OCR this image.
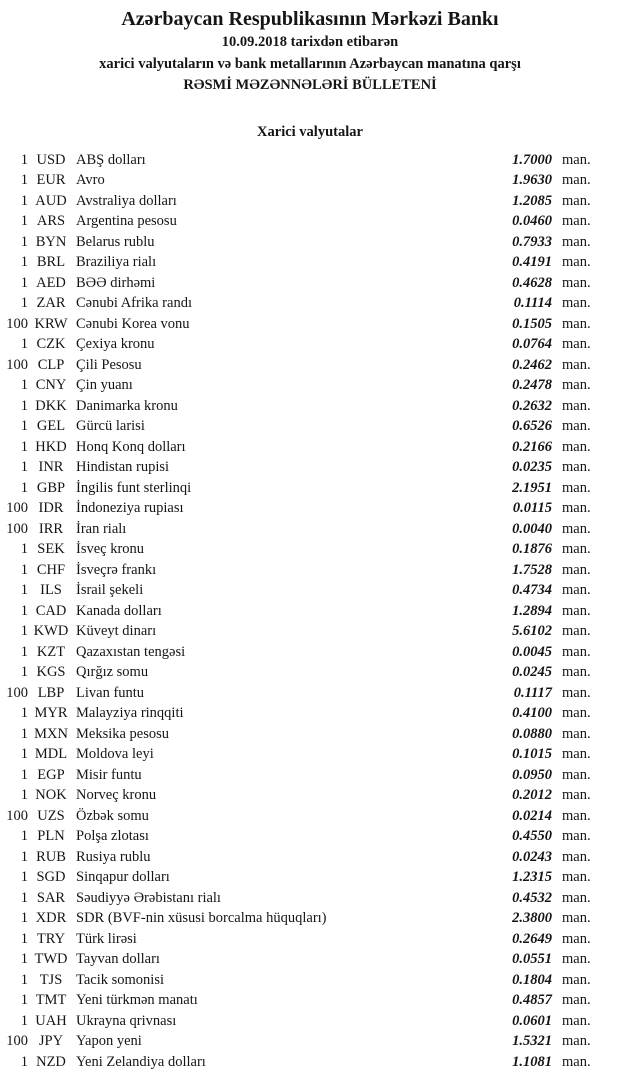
Azərbaycan Respublikasının Mərkəzi Bankı
10.09.2018 tarixdən etibarən
xarici valyutaların və bank metallarının Azərbaycan manatına qarşı
RƏSMİ MƏZƏNNƏLƏRİ BÜLLETENİ
Xarici valyutalar
1 USD ABŞ dolları	1.7000 man.
1 EUR Avro	1.9630 man.
1 AUD Avstraliya dolları	1.2085 man.
1 ARS Argentina pesosu	0.0460 man.
1 BYN Belarus rublu	0.7933 man.
1 BRL Braziliya rialı	0.4191 man.
1 AED BƏƏ dirhəmi	0.4628 man.
1 ZAR Cənubi Afrika randı	0.1114 man.
100 KRW Cənubi Korea vonu	0.1505 man.
1 CZK Çexiya kronu	0.0764 man.
100 CLP Çili Pesosu	0.2462 man.
1 CNY Çin yuanı	0.2478 man.
1 DKK Danimarka kronu	0.2632 man.
1 GEL Gürcü larisi	0.6526 man.
1 HKD Honq Konq dolları	0.2166 man.
1 INR Hindistan rupisi	0.0235 man.
1 GBP İngilis funt sterlinqi	2.1951 man.
100 IDR İndoneziya rupiası	0.0115 man.
100 IRR İran rialı	0.0040 man.
1 SEK İsveç kronu	0.1876 man.
1 CHF İsveçrə frankı	1.7528 man.
1 ILS İsrail şekeli	0.4734 man.
1 CAD Kanada dolları	1.2894 man.
1 KWD Küveyt dinarı	5.6102 man.
1 KZT Qazaxıstan tengəsi	0.0045 man.
1 KGS Qırğız somu	0.0245 man.
100 LBP Livan funtu	0.1117 man.
1 MYR Malayziya rinqqiti	0.4100 man.
1 MXN Meksika pesosu	0.0880 man.
1 MDL Moldova leyi	0.1015 man.
1 EGP Misir funtu	0.0950 man.
1 NOK Norveç kronu	0.2012 man.
100 UZS Özbək somu	0.0214 man.
1 PLN Polşa zlotası	0.4550 man.
1 RUB Rusiya rublu	0.0243 man.
1 SGD Sinqapur dolları	1.2315 man.
1 SAR Səudiyyə Ərəbistanı rialı	0.4532 man.
1 XDR SDR (BVF-nin xüsusi borcalma hüquqları)	2.3800 man.
1 TRY Türk lirəsi	0.2649 man.
1 TWD Tayvan dolları	0.0551 man.
1 TJS Tacik somonisi	0.1804 man.
1 TMT Yeni türkmən manatı	0.4857 man.
1 UAH Ukrayna qrivnası	0.0601 man.
100 JPY Yapon yeni	1.5321 man.
1 NZD Yeni Zelandiya dolları	1.1081 man.
